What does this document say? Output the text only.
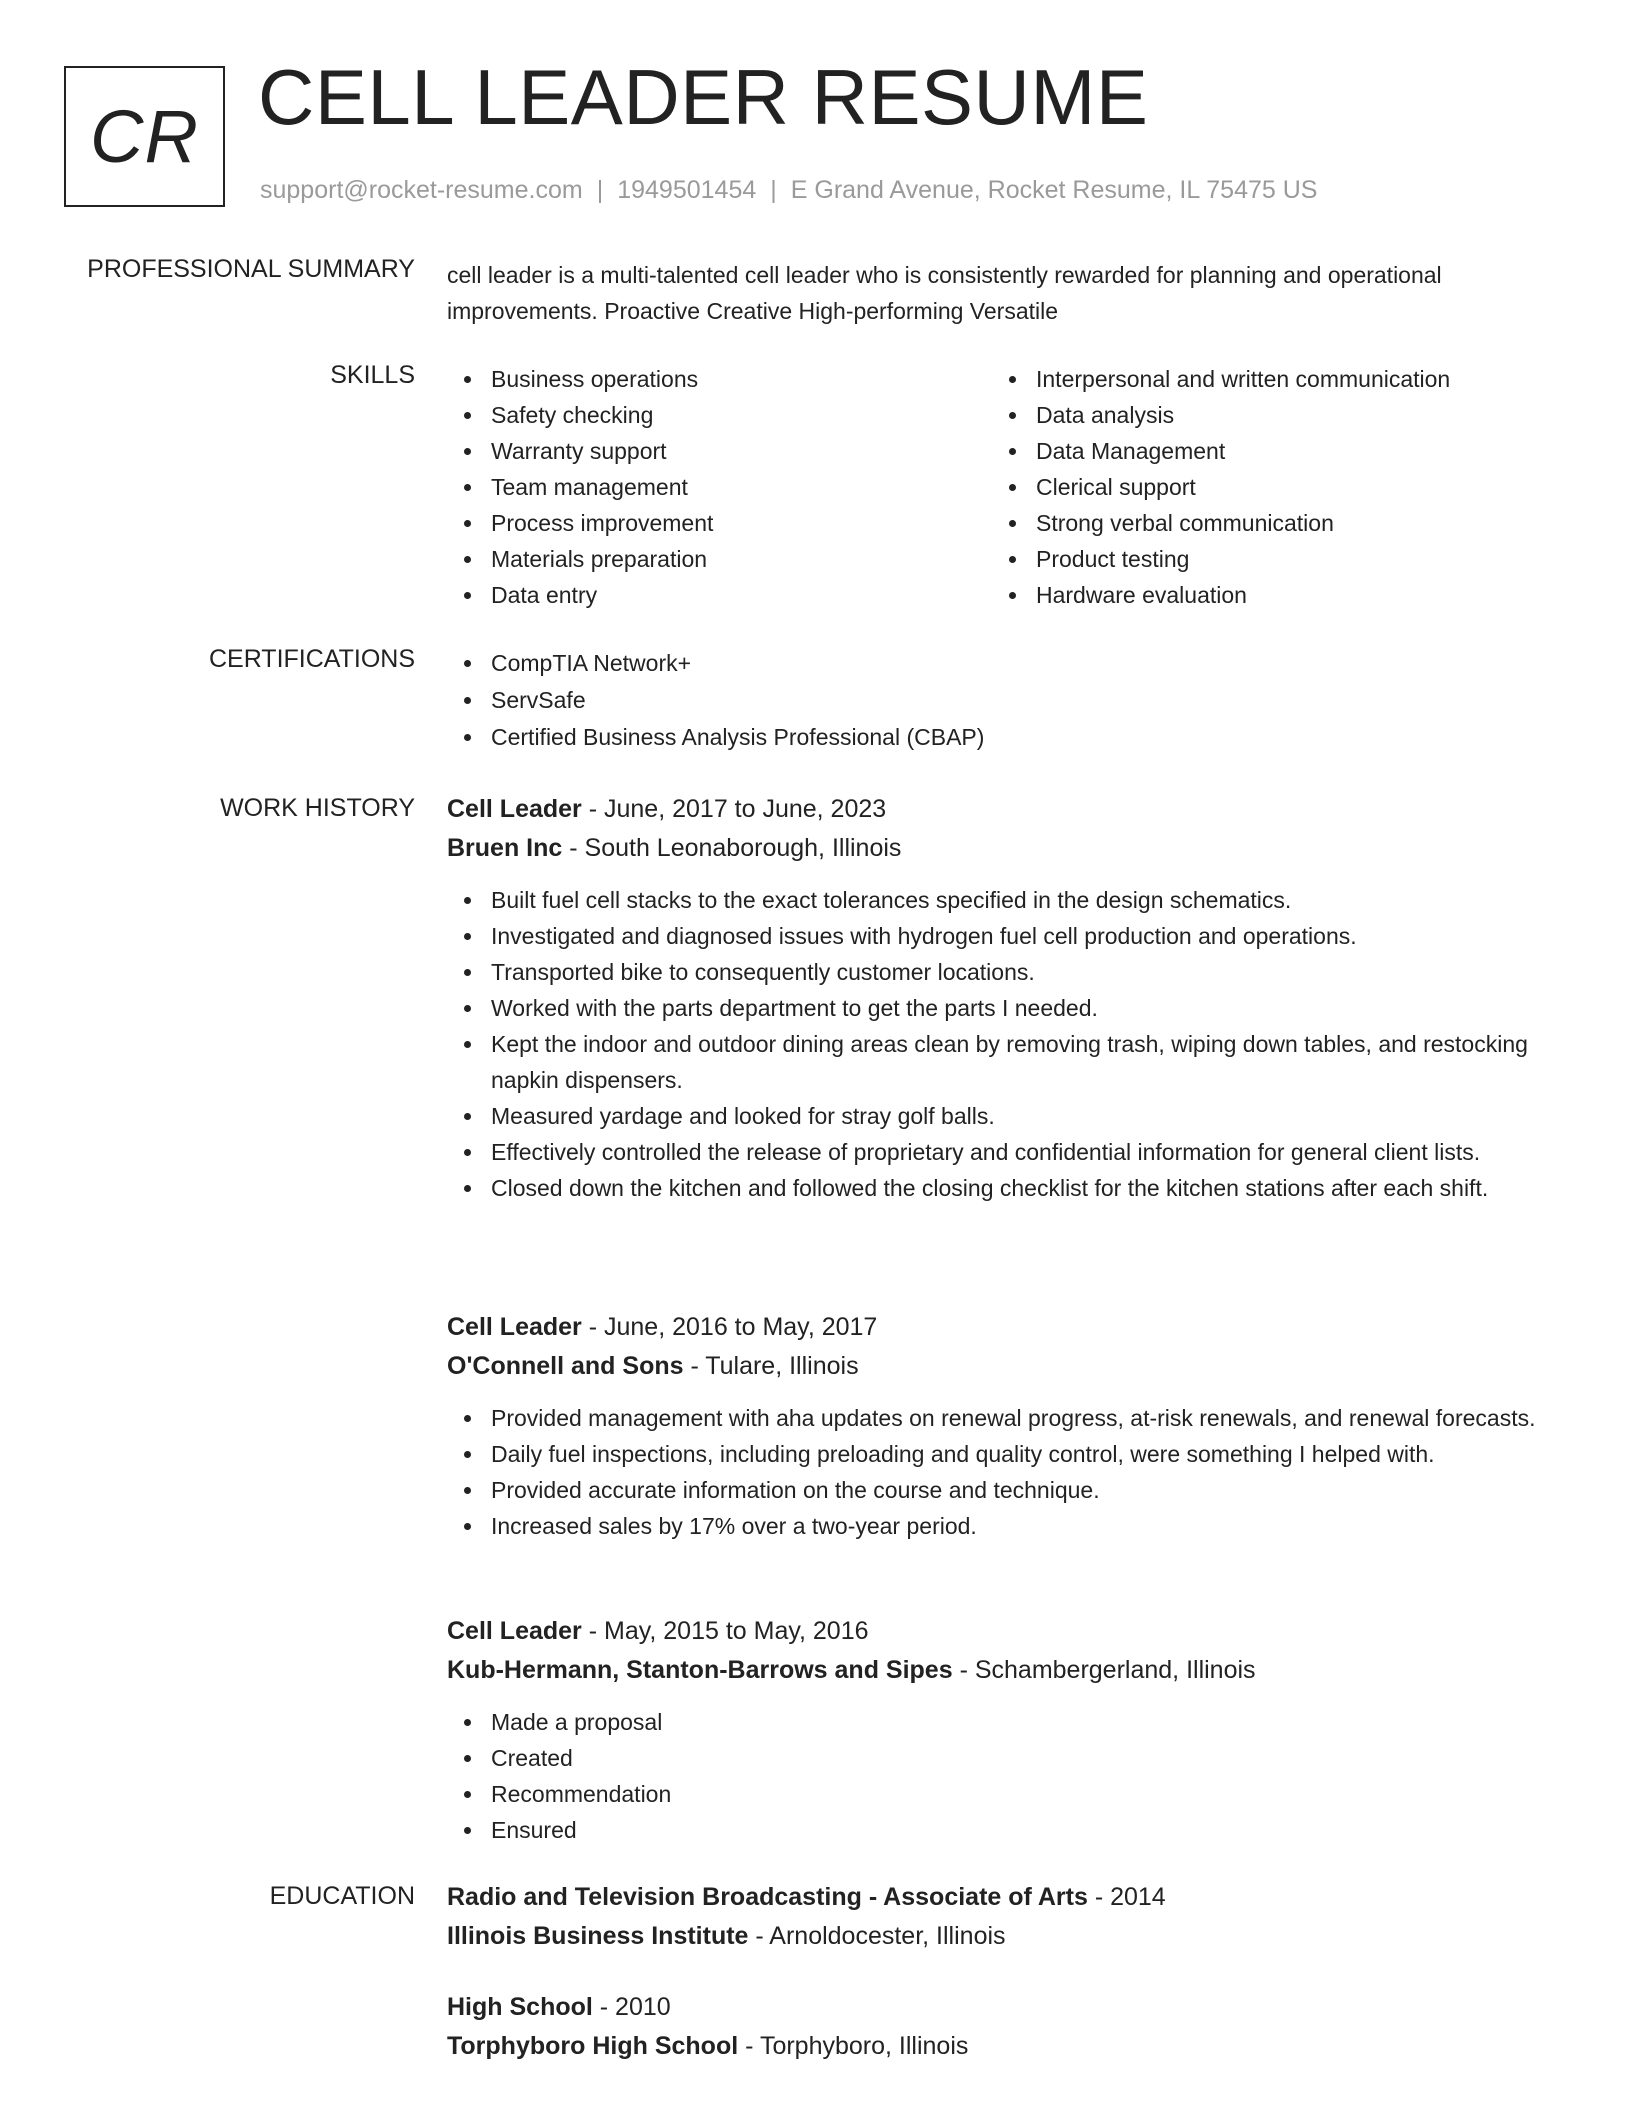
CR CELL LEADER RESUME
support@rocket-resume.com | 1949501454 | E Grand Avenue, Rocket Resume, IL 75475 US
PROFESSIONAL SUMMARY cell leader is a multi-talented cell leader who is consistently rewarded for planning and operational improvements. Proactive Creative High-performing Versatile
SKILLS	Business operations
Safety checking
Warranty support
Team management
Process improvement
Materials preparation
Data entry
Interpersonal and written communication
Data analysis
Data Management
Clerical support
Strong verbal communication
Product testing
Hardware evaluation
CERTIFICATIONS	CompTIA Network+
ServSafe
Certified Business Analysis Professional (CBAP)
WORK HISTORY Cell Leader - June, 2017 to June, 2023
Bruen Inc - South Leonaborough, Illinois
Built fuel cell stacks to the exact tolerances specified in the design schematics.
Investigated and diagnosed issues with hydrogen fuel cell production and operations.
Transported bike to consequently customer locations.
Worked with the parts department to get the parts I needed.
Kept the indoor and outdoor dining areas clean by removing trash, wiping down tables, and restocking napkin dispensers.
Measured yardage and looked for stray golf balls.
Effectively controlled the release of proprietary and confidential information for general client lists.
Closed down the kitchen and followed the closing checklist for the kitchen stations after each shift.
Cell Leader - June, 2016 to May, 2017
O'Connell and Sons - Tulare, Illinois
Provided management with aha updates on renewal progress, at-risk renewals, and renewal forecasts.
Daily fuel inspections, including preloading and quality control, were something I helped with.
Provided accurate information on the course and technique.
Increased sales by 17% over a two-year period.
Cell Leader - May, 2015 to May, 2016
Kub-Hermann, Stanton-Barrows and Sipes - Schambergerland, Illinois
Made a proposal
Created
Recommendation
Ensured
EDUCATION Radio and Television Broadcasting - Associate of Arts - 2014
Illinois Business Institute - Arnoldocester, Illinois
High School - 2010
Torphyboro High School - Torphyboro, Illinois
